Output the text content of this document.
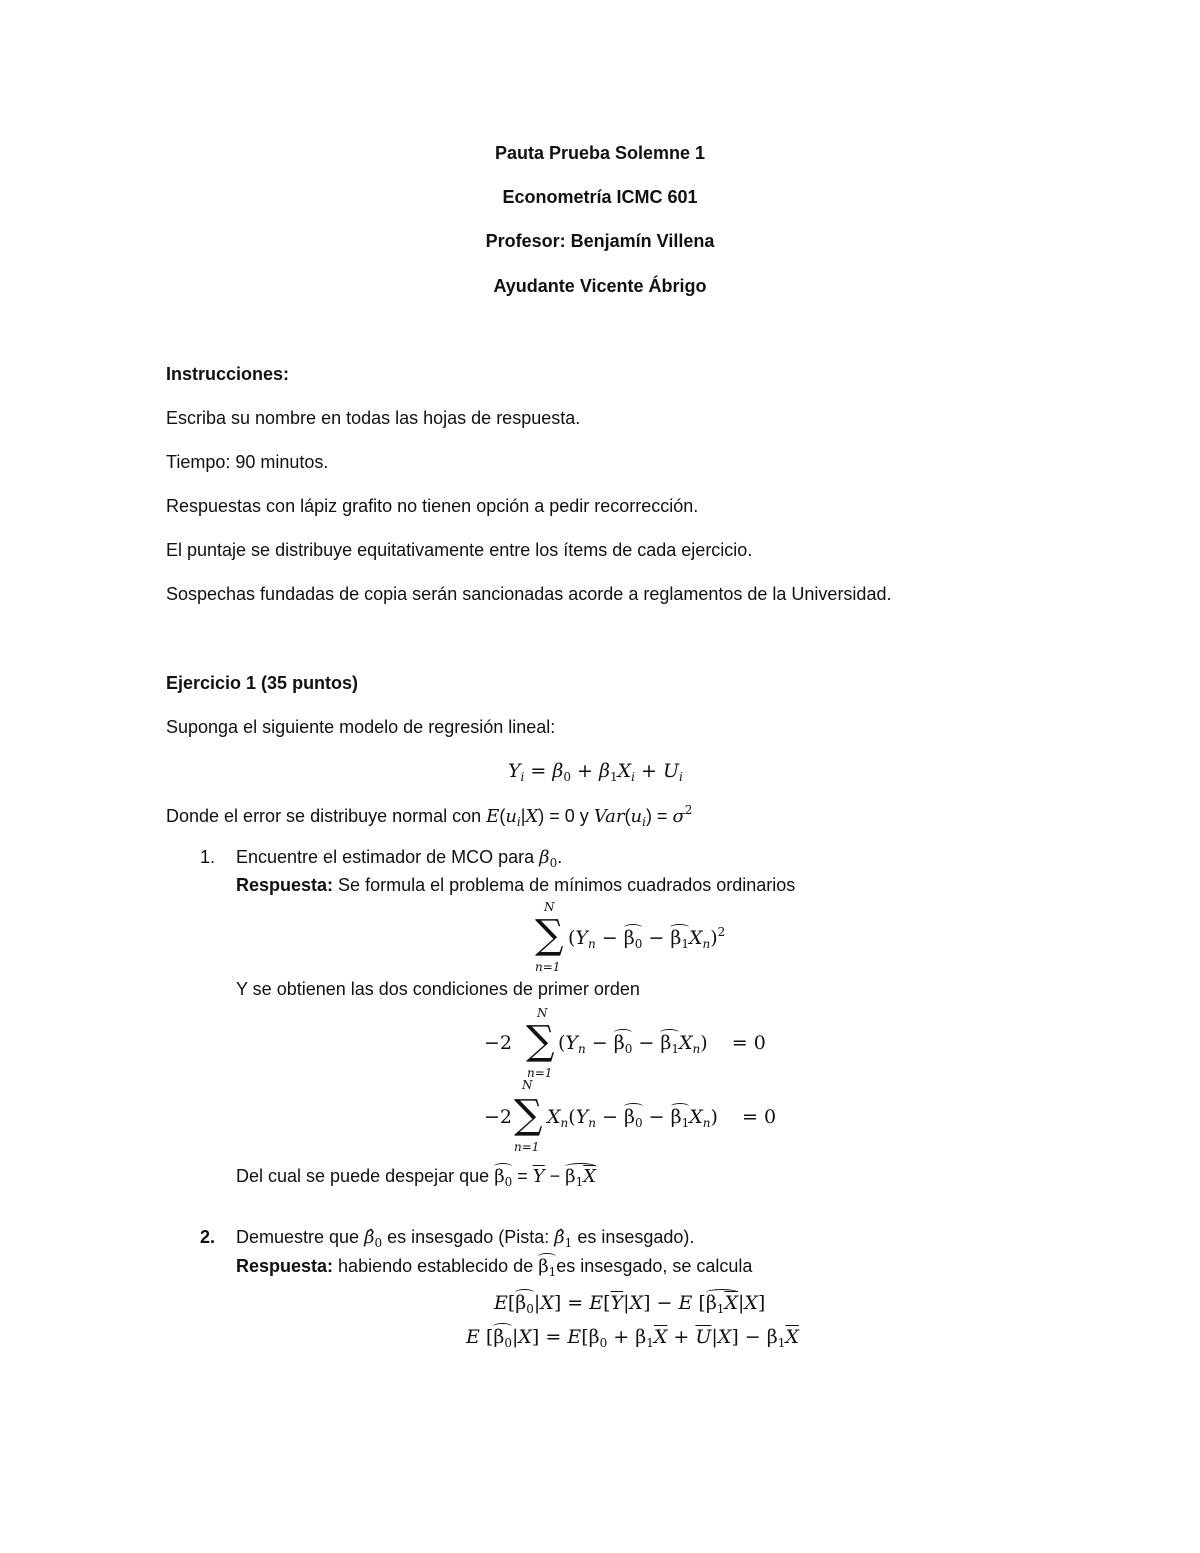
Pauta Prueba Solemne 1
Econometría ICMC 601
Profesor: Benjamín Villena
Ayudante Vicente Ábrigo
Instrucciones:
Escriba su nombre en todas las hojas de respuesta.
Tiempo: 90 minutos.
Respuestas con lápiz grafito no tienen opción a pedir recorrección.
El puntaje se distribuye equitativamente entre los ítems de cada ejercicio.
Sospechas fundadas de copia serán sancionadas acorde a reglamentos de la Universidad.
Ejercicio 1 (35 puntos)
Suponga el siguiente modelo de regresión lineal:
$Y_i = \beta_0 + \beta_1X_i + U_i$
Donde el error se distribuye normal con $E(u_i|X) = 0$ y $Var(u_i) = \sigma^2$
1. Encuentre el estimador de MCO para $\beta_0$.
Respuesta: Se formula el problema de mínimos cuadrados ordinarios
N
∑
n=1
$(Y_n - \beta_0 - \beta_1X_n)^2$
Y se obtienen las dos condiciones de primer orden
−2
N
∑
n=1
$(Y_n - \beta_0 - \beta_1X_n)$    = 0
−2
N
∑
n=1
$X_n(Y_n - \beta_0 - \beta_1X_n)$    = 0
Del cual se puede despejar que $\beta_0 = \overline{Y} - \beta_1\overline{X}$
2. Demuestre que $\betâ_0$ es insesgado (Pista: $\betâ_1$ es insesgado).
Respuesta: habiendo establecido de $\beta_1es$ insesgado, se calcula
$E[\beta_0|X] = E[\overline{Y}|X] - E$ $[\beta_1\overline{X}|X]$
E $[\beta_0|X] = E[\beta_0 + \beta_1\overline{X} + \overline{U}|X] - \beta_1\overline{X}$
